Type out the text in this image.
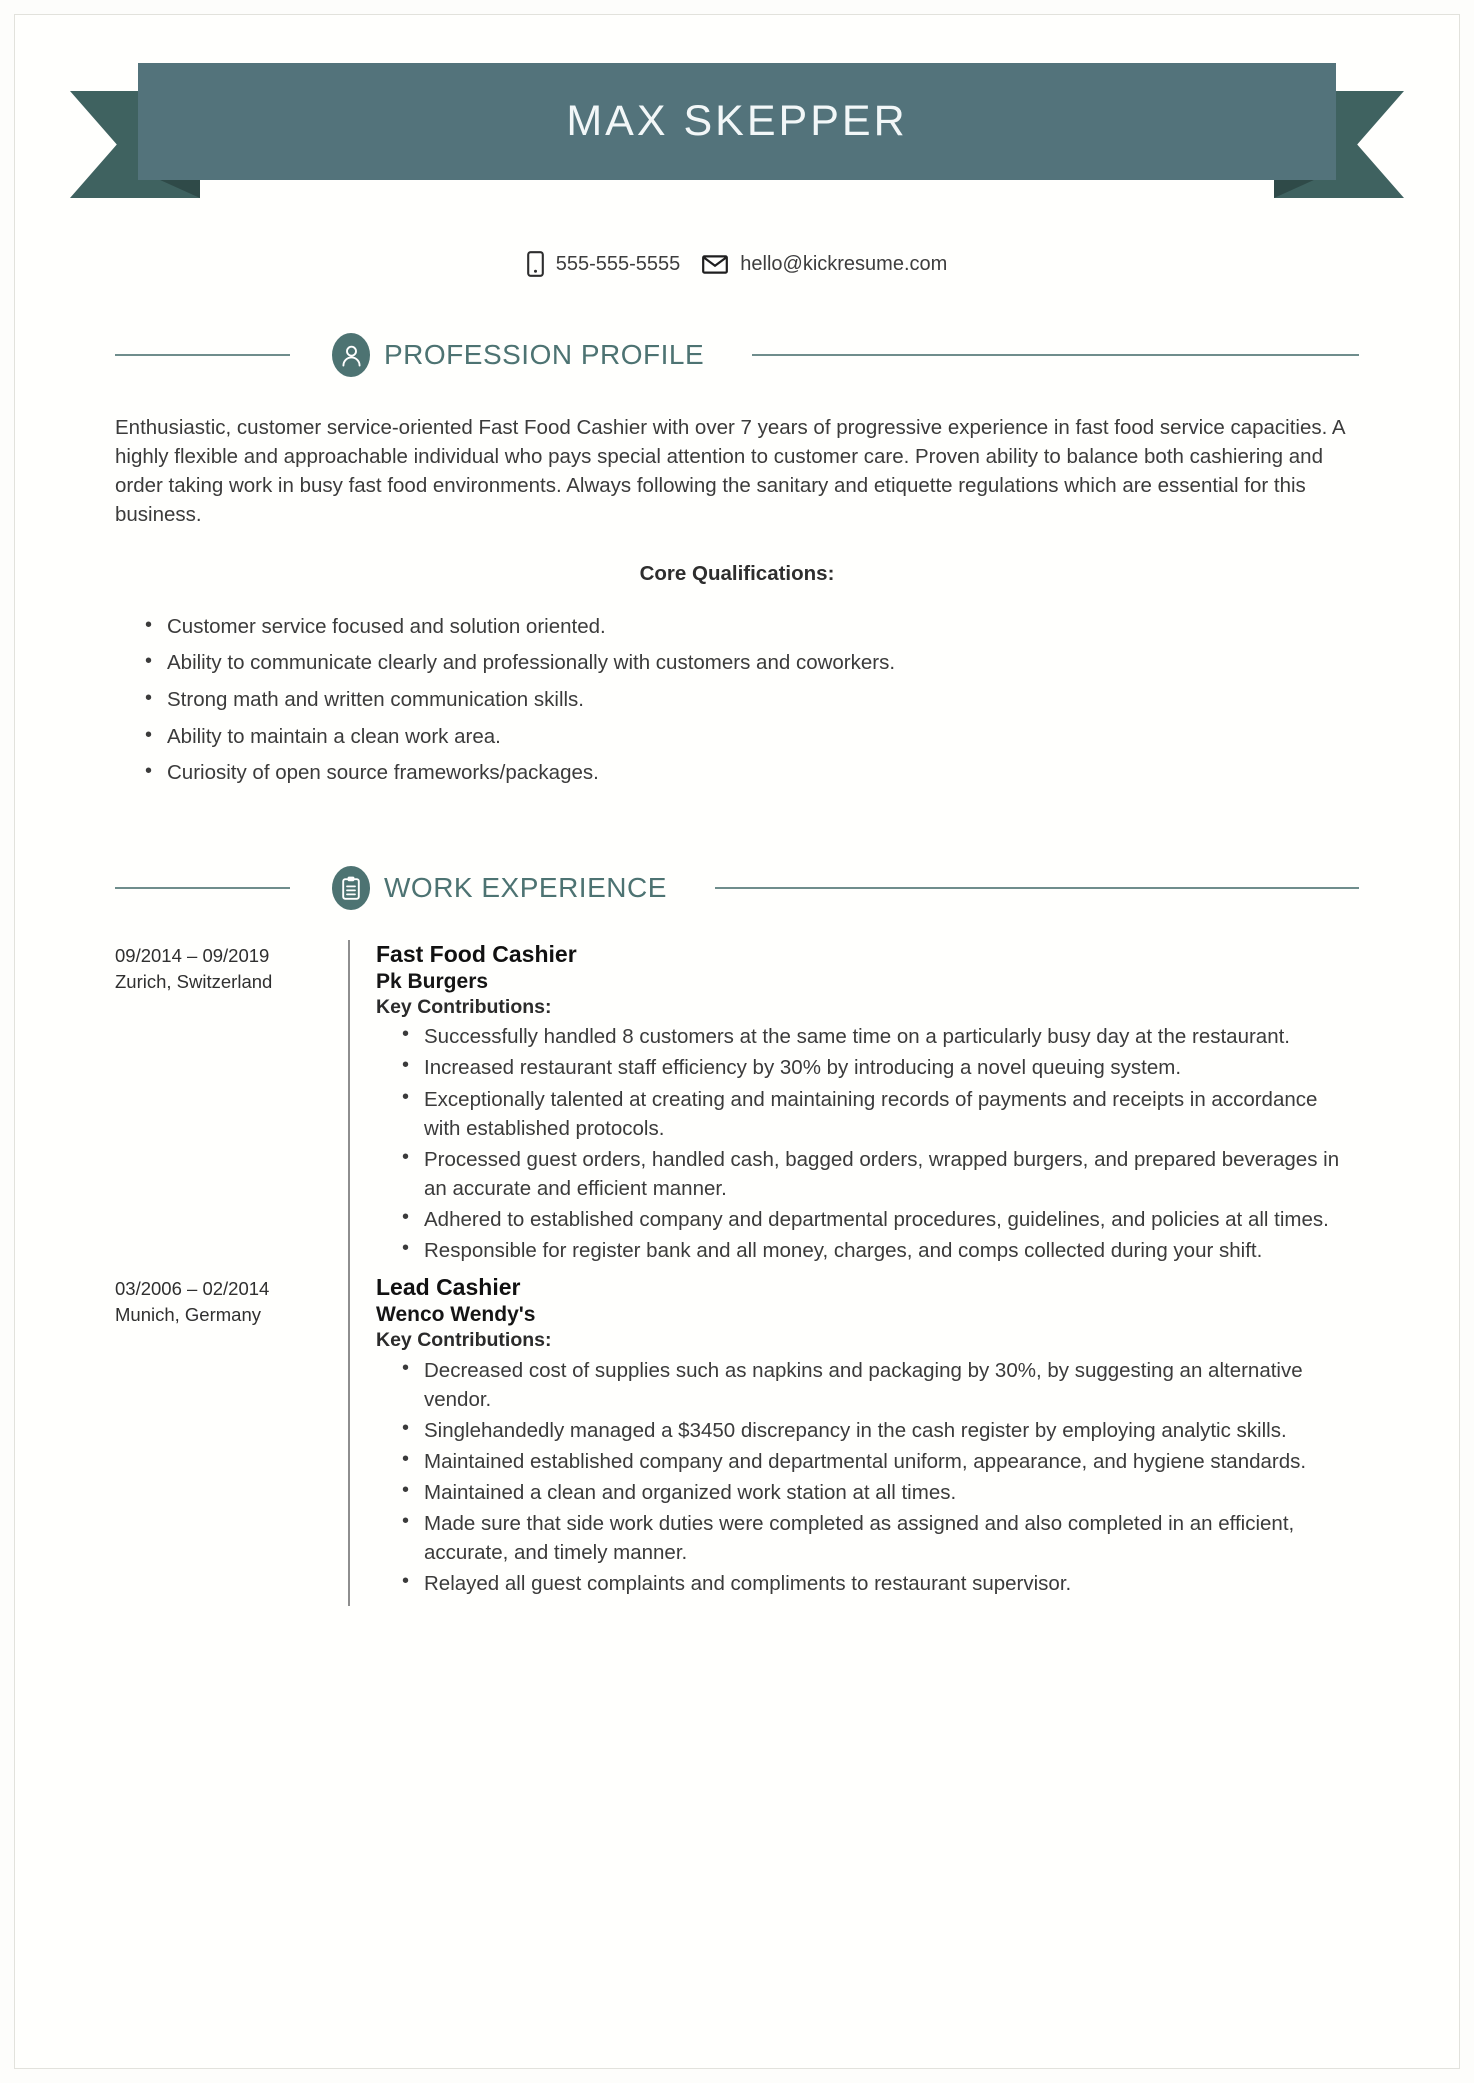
MAX SKEPPER
555-555-5555	hello@kickresume.com
PROFESSION PROFILE
Enthusiastic, customer service-oriented Fast Food Cashier with over 7 years of progressive experience in fast food service capacities. A highly flexible and approachable individual who pays special attention to customer care. Proven ability to balance both cashiering and order taking work in busy fast food environments. Always following the sanitary and etiquette regulations which are essential for this business.
Core Qualifications:
• Customer service focused and solution oriented.
• Ability to communicate clearly and professionally with customers and coworkers.
• Strong math and written communication skills.
• Ability to maintain a clean work area.
• Curiosity of open source frameworks/packages.
WORK EXPERIENCE
09/2014 – 09/2019
Zurich, Switzerland
Fast Food Cashier
Pk Burgers
Key Contributions:
• Successfully handled 8 customers at the same time on a particularly busy day at the restaurant.
• Increased restaurant staff efficiency by 30% by introducing a novel queuing system.
• Exceptionally talented at creating and maintaining records of payments and receipts in accordance with established protocols.
• Processed guest orders, handled cash, bagged orders, wrapped burgers, and prepared beverages in an accurate and efficient manner.
• Adhered to established company and departmental procedures, guidelines, and policies at all times.
• Responsible for register bank and all money, charges, and comps collected during your shift.
03/2006 – 02/2014
Munich, Germany
Lead Cashier
Wenco Wendy's
Key Contributions:
• Decreased cost of supplies such as napkins and packaging by 30%, by suggesting an alternative vendor.
• Singlehandedly managed a $3450 discrepancy in the cash register by employing analytic skills.
• Maintained established company and departmental uniform, appearance, and hygiene standards.
• Maintained a clean and organized work station at all times.
• Made sure that side work duties were completed as assigned and also completed in an efficient, accurate, and timely manner.
• Relayed all guest complaints and compliments to restaurant supervisor.
